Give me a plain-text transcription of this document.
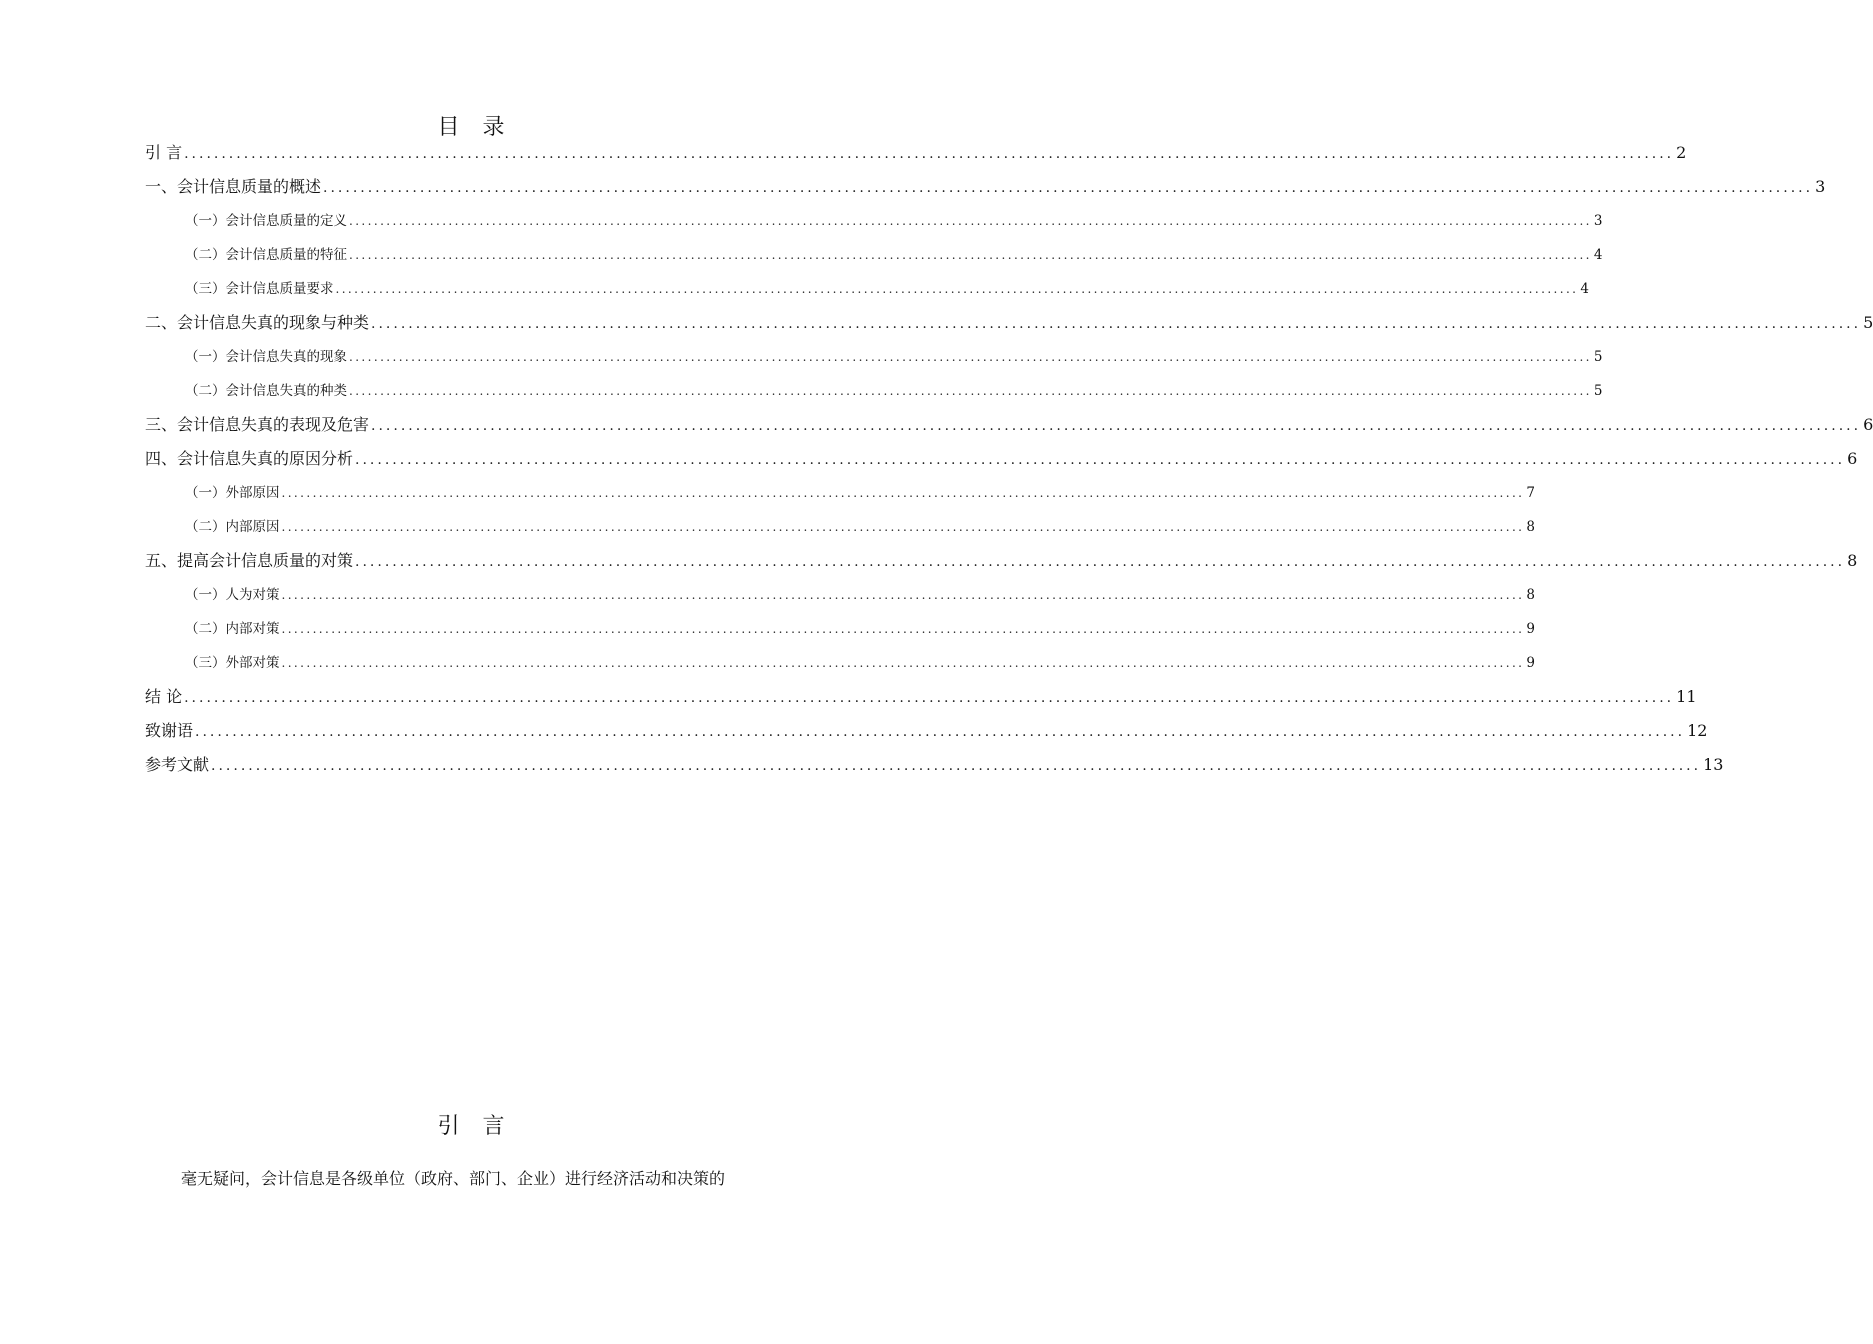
目 录
引 言 ........................................................................................................................................................................................................ 2
一、会计信息质量的概述 ........................................................................................................................................................................................................ 3
（一）会计信息质量的定义 ........................................................................................................................................................................................................ 3
（二）会计信息质量的特征 ........................................................................................................................................................................................................ 4
（三）会计信息质量要求 ........................................................................................................................................................................................................ 4
二、会计信息失真的现象与种类 ........................................................................................................................................................................................................ 5
（一）会计信息失真的现象 ........................................................................................................................................................................................................ 5
（二）会计信息失真的种类 ........................................................................................................................................................................................................ 5
三、会计信息失真的表现及危害 ........................................................................................................................................................................................................ 6
四、会计信息失真的原因分析 ........................................................................................................................................................................................................ 6
（一）外部原因 ........................................................................................................................................................................................................ 7
（二）内部原因 ........................................................................................................................................................................................................ 8
五、提高会计信息质量的对策 ........................................................................................................................................................................................................ 8
（一）人为对策 ........................................................................................................................................................................................................ 8
（二）内部对策 ........................................................................................................................................................................................................ 9
（三）外部对策 ........................................................................................................................................................................................................ 9
结 论 ........................................................................................................................................................................................................ 11
致谢语 ........................................................................................................................................................................................................ 12
参考文献 ........................................................................................................................................................................................................ 13
引 言
毫无疑问，会计信息是各级单位（政府、部门、企业）进行经济活动和决策的
